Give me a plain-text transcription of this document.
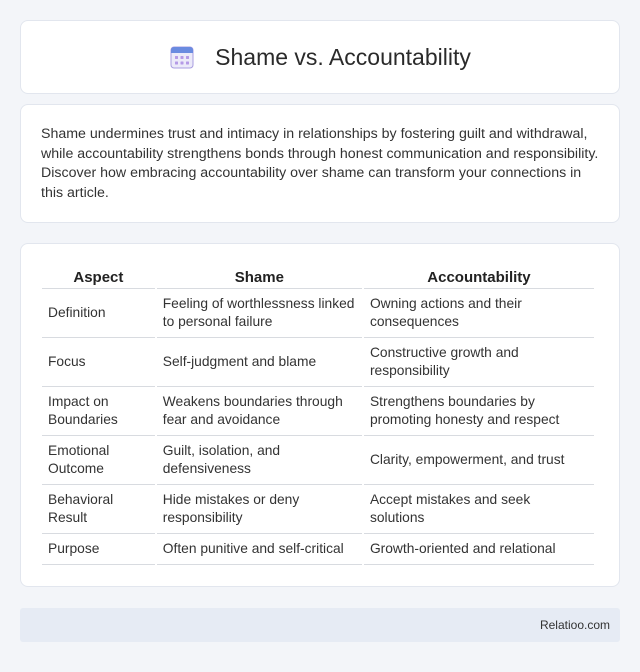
Shame vs. Accountability

Shame undermines trust and intimacy in relationships by fostering guilt and withdrawal, while accountability strengthens bonds through honest communication and responsibility. Discover how embracing accountability over shame can transform your connections in this article.

Aspect	Shame	Accountability
Definition	Feeling of worthlessness linked to personal failure	Owning actions and their consequences
Focus	Self-judgment and blame	Constructive growth and responsibility
Impact on Boundaries	Weakens boundaries through fear and avoidance	Strengthens boundaries by promoting honesty and respect
Emotional Outcome	Guilt, isolation, and defensiveness	Clarity, empowerment, and trust
Behavioral Result	Hide mistakes or deny responsibility	Accept mistakes and seek solutions
Purpose	Often punitive and self-critical	Growth-oriented and relational
Relatioo.com
